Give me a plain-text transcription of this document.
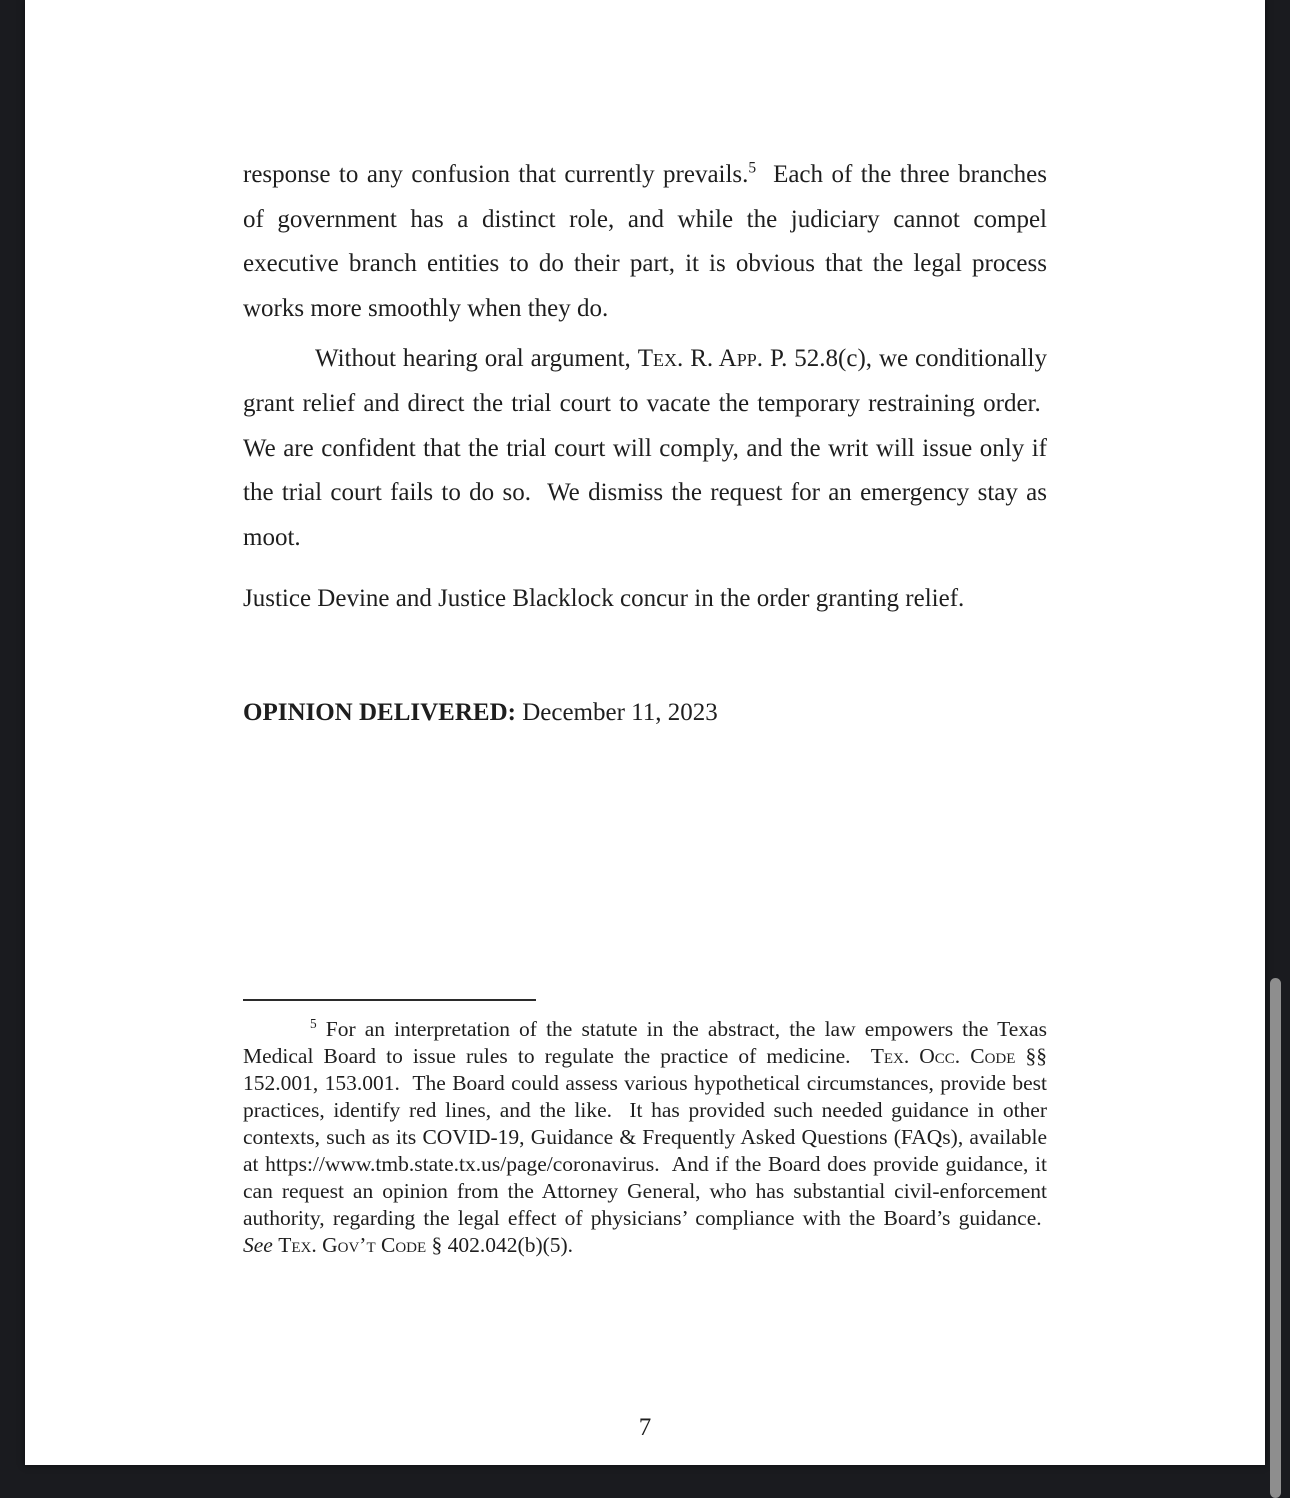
response to any confusion that currently prevails.$^5$  Each of the three branches of government has a distinct role, and while the judiciary cannot compel executive branch entities to do their part, it is obvious that the legal process works more smoothly when they do.

Without hearing oral argument, Tex. R. App. P. 52.8(c), we conditionally grant relief and direct the trial court to vacate the temporary restraining order.  We are confident that the trial court will comply, and the writ will issue only if the trial court fails to do so.  We dismiss the request for an emergency stay as moot.

Justice Devine and Justice Blacklock concur in the order granting relief.

OPINION DELIVERED: December 11, 2023

$^5$ For an interpretation of the statute in the abstract, the law empowers the Texas Medical Board to issue rules to regulate the practice of medicine.  Tex. Occ. Code §§ 152.001, 153.001.  The Board could assess various hypothetical circumstances, provide best practices, identify red lines, and the like.  It has provided such needed guidance in other contexts, such as its COVID-19, Guidance & Frequently Asked Questions (FAQs), available at https://www.tmb.state.tx.us/page/coronavirus.  And if the Board does provide guidance, it can request an opinion from the Attorney General, who has substantial civil-enforcement authority, regarding the legal effect of physicians’ compliance with the Board’s guidance.  See Tex. Gov’t Code § 402.042(b)(5).

7
